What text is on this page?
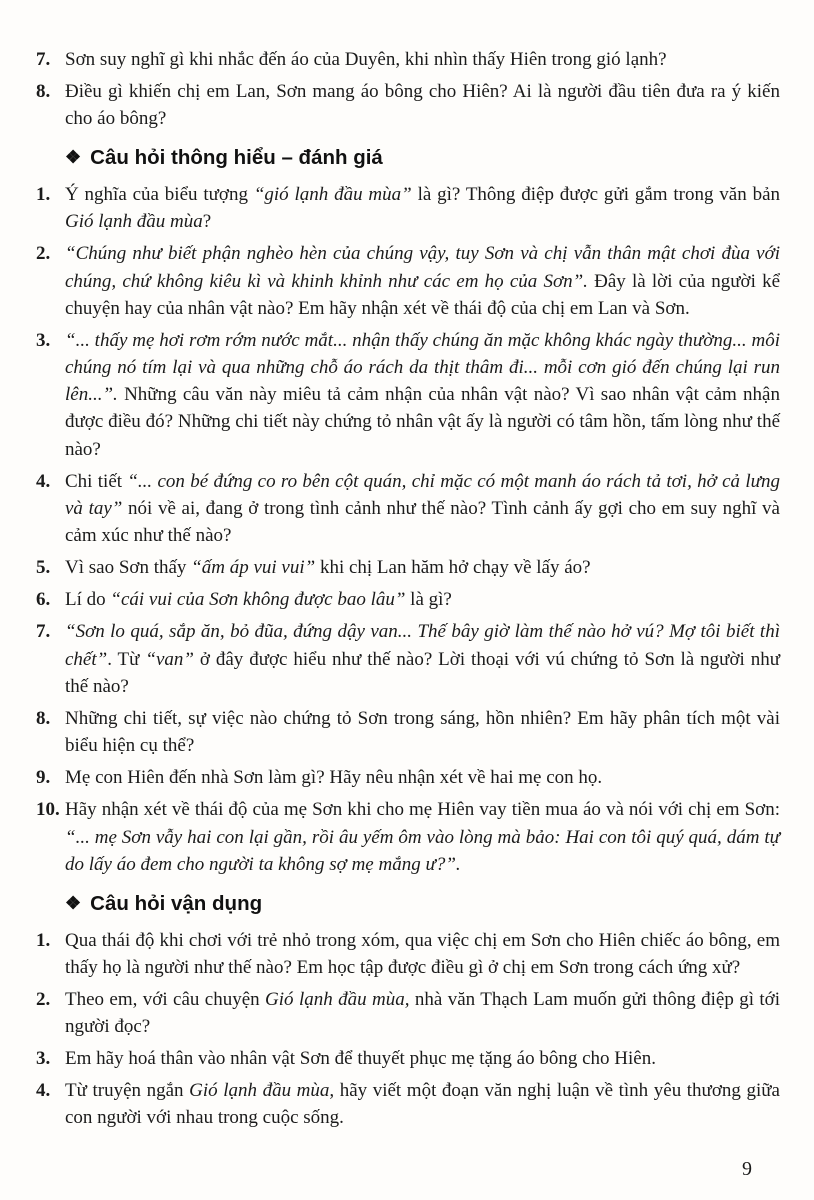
7. Sơn suy nghĩ gì khi nhắc đến áo của Duyên, khi nhìn thấy Hiên trong gió lạnh?
8. Điều gì khiến chị em Lan, Sơn mang áo bông cho Hiên? Ai là người đầu tiên đưa ra ý kiến cho áo bông?
❖ Câu hỏi thông hiểu – đánh giá
1. Ý nghĩa của biểu tượng “gió lạnh đầu mùa” là gì? Thông điệp được gửi gắm trong văn bản Gió lạnh đầu mùa?
2. “Chúng như biết phận nghèo hèn của chúng vậy, tuy Sơn và chị vẫn thân mật chơi đùa với chúng, chứ không kiêu kì và khinh khỉnh như các em họ của Sơn”. Đây là lời của người kể chuyện hay của nhân vật nào? Em hãy nhận xét về thái độ của chị em Lan và Sơn.
3. “... thấy mẹ hơi rơm rớm nước mắt... nhận thấy chúng ăn mặc không khác ngày thường... môi chúng nó tím lại và qua những chỗ áo rách da thịt thâm đi... mỗi cơn gió đến chúng lại run lên...”. Những câu văn này miêu tả cảm nhận của nhân vật nào? Vì sao nhân vật cảm nhận được điều đó? Những chi tiết này chứng tỏ nhân vật ấy là người có tâm hồn, tấm lòng như thế nào?
4. Chi tiết “... con bé đứng co ro bên cột quán, chỉ mặc có một manh áo rách tả tơi, hở cả lưng và tay” nói về ai, đang ở trong tình cảnh như thế nào? Tình cảnh ấy gợi cho em suy nghĩ và cảm xúc như thế nào?
5. Vì sao Sơn thấy “ấm áp vui vui” khi chị Lan hăm hở chạy về lấy áo?
6. Lí do “cái vui của Sơn không được bao lâu” là gì?
7. “Sơn lo quá, sắp ăn, bỏ đũa, đứng dậy van... Thế bây giờ làm thế nào hở vú? Mợ tôi biết thì chết”. Từ “van” ở đây được hiểu như thế nào? Lời thoại với vú chứng tỏ Sơn là người như thế nào?
8. Những chi tiết, sự việc nào chứng tỏ Sơn trong sáng, hồn nhiên? Em hãy phân tích một vài biểu hiện cụ thể?
9. Mẹ con Hiên đến nhà Sơn làm gì? Hãy nêu nhận xét về hai mẹ con họ.
10. Hãy nhận xét về thái độ của mẹ Sơn khi cho mẹ Hiên vay tiền mua áo và nói với chị em Sơn: “... mẹ Sơn vẫy hai con lại gần, rồi âu yếm ôm vào lòng mà bảo: Hai con tôi quý quá, dám tự do lấy áo đem cho người ta không sợ mẹ mắng ư?”.
❖ Câu hỏi vận dụng
1. Qua thái độ khi chơi với trẻ nhỏ trong xóm, qua việc chị em Sơn cho Hiên chiếc áo bông, em thấy họ là người như thế nào? Em học tập được điều gì ở chị em Sơn trong cách ứng xử?
2. Theo em, với câu chuyện Gió lạnh đầu mùa, nhà văn Thạch Lam muốn gửi thông điệp gì tới người đọc?
3. Em hãy hoá thân vào nhân vật Sơn để thuyết phục mẹ tặng áo bông cho Hiên.
4. Từ truyện ngắn Gió lạnh đầu mùa, hãy viết một đoạn văn nghị luận về tình yêu thương giữa con người với nhau trong cuộc sống.
9
